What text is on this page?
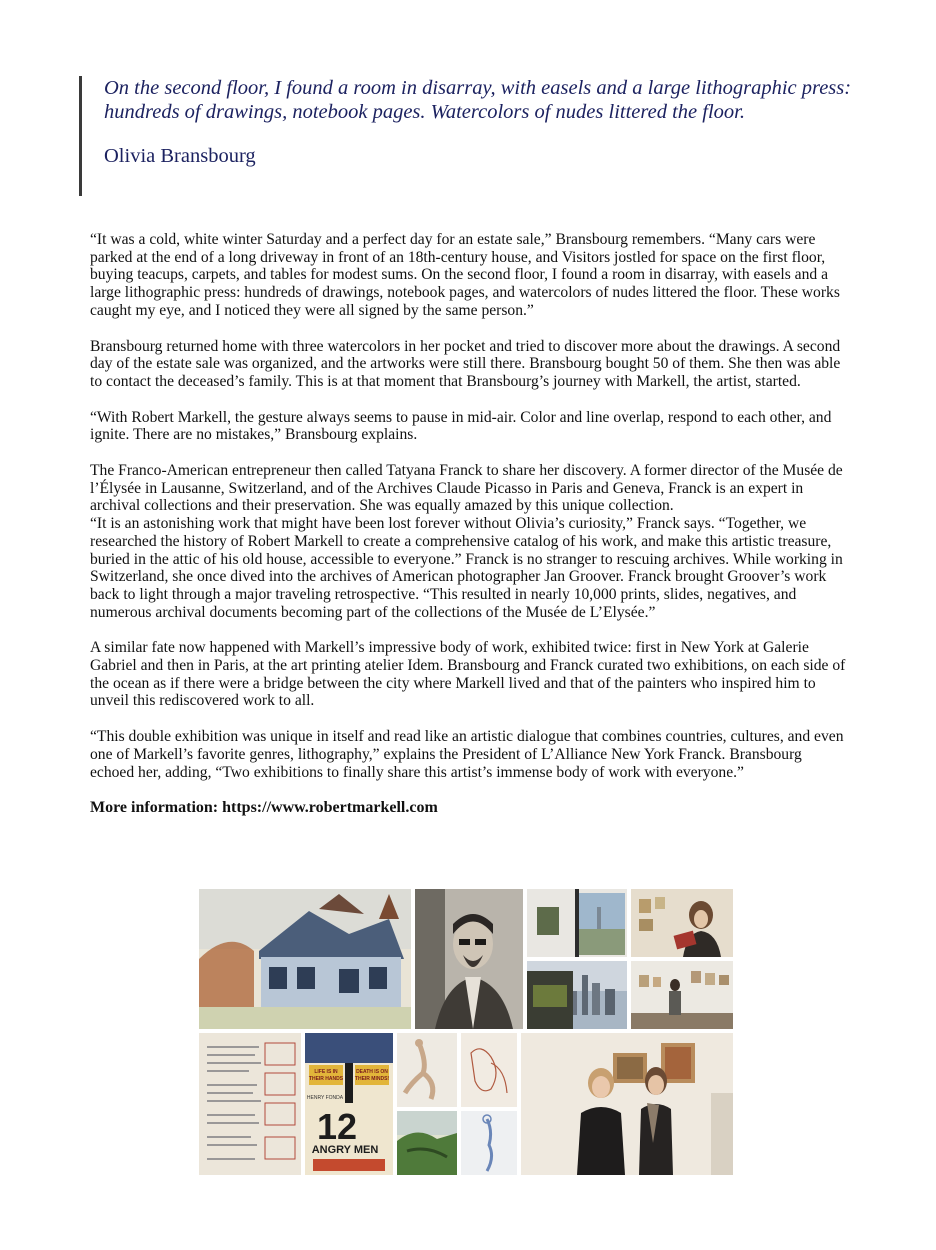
On the second floor, I found a room in disarray, with easels and a large lithographic press: hundreds of drawings, notebook pages. Watercolors of nudes littered the floor.

Olivia Bransbourg

“It was a cold, white winter Saturday and a perfect day for an estate sale,” Bransbourg remembers. “Many cars were parked at the end of a long driveway in front of an 18th-century house, and Visitors jostled for space on the first floor, buying teacups, carpets, and tables for modest sums. On the second floor, I found a room in disarray, with easels and a large lithographic press: hundreds of drawings, notebook pages, and watercolors of nudes littered the floor. These works caught my eye, and I noticed they were all signed by the same person.”

Bransbourg returned home with three watercolors in her pocket and tried to discover more about the drawings. A second day of the estate sale was organized, and the artworks were still there. Bransbourg bought 50 of them. She then was able to contact the deceased’s family. This is at that moment that Bransbourg’s journey with Markell, the artist, started.

“With Robert Markell, the gesture always seems to pause in mid-air. Color and line overlap, respond to each other, and ignite. There are no mistakes,” Bransbourg explains.

The Franco-American entrepreneur then called Tatyana Franck to share her discovery. A former director of the Musée de l’Élysée in Lausanne, Switzerland, and of the Archives Claude Picasso in Paris and Geneva, Franck is an expert in archival collections and their preservation. She was equally amazed by this unique collection.

“It is an astonishing work that might have been lost forever without Olivia’s curiosity,” Franck says. “Together, we researched the history of Robert Markell to create a comprehensive catalog of his work, and make this artistic treasure, buried in the attic of his old house, accessible to everyone.” Franck is no stranger to rescuing archives. While working in Switzerland, she once dived into the archives of American photographer Jan Groover. Franck brought Groover’s work back to light through a major traveling retrospective. “This resulted in nearly 10,000 prints, slides, negatives, and numerous archival documents becoming part of the collections of the Musée de L’Elysée.”

A similar fate now happened with Markell’s impressive body of work, exhibited twice: first in New York at Galerie Gabriel and then in Paris, at the art printing atelier Idem. Bransbourg and Franck curated two exhibitions, on each side of the ocean as if there were a bridge between the city where Markell lived and that of the painters who inspired him to unveil this rediscovered work to all.

“This double exhibition was unique in itself and read like an artistic dialogue that combines countries, cultures, and even one of Markell’s favorite genres, lithography,” explains the President of L’Alliance New York Franck. Bransbourg echoed her, adding, “Two exhibitions to finally share this artist’s immense body of work with everyone.”

More information: https://www.robertmarkell.com

LIFE IS IN
THEIR HANDS
DEATH IS ON
THEIR MINDS!
HENRY FONDA
12
ANGRY MEN
